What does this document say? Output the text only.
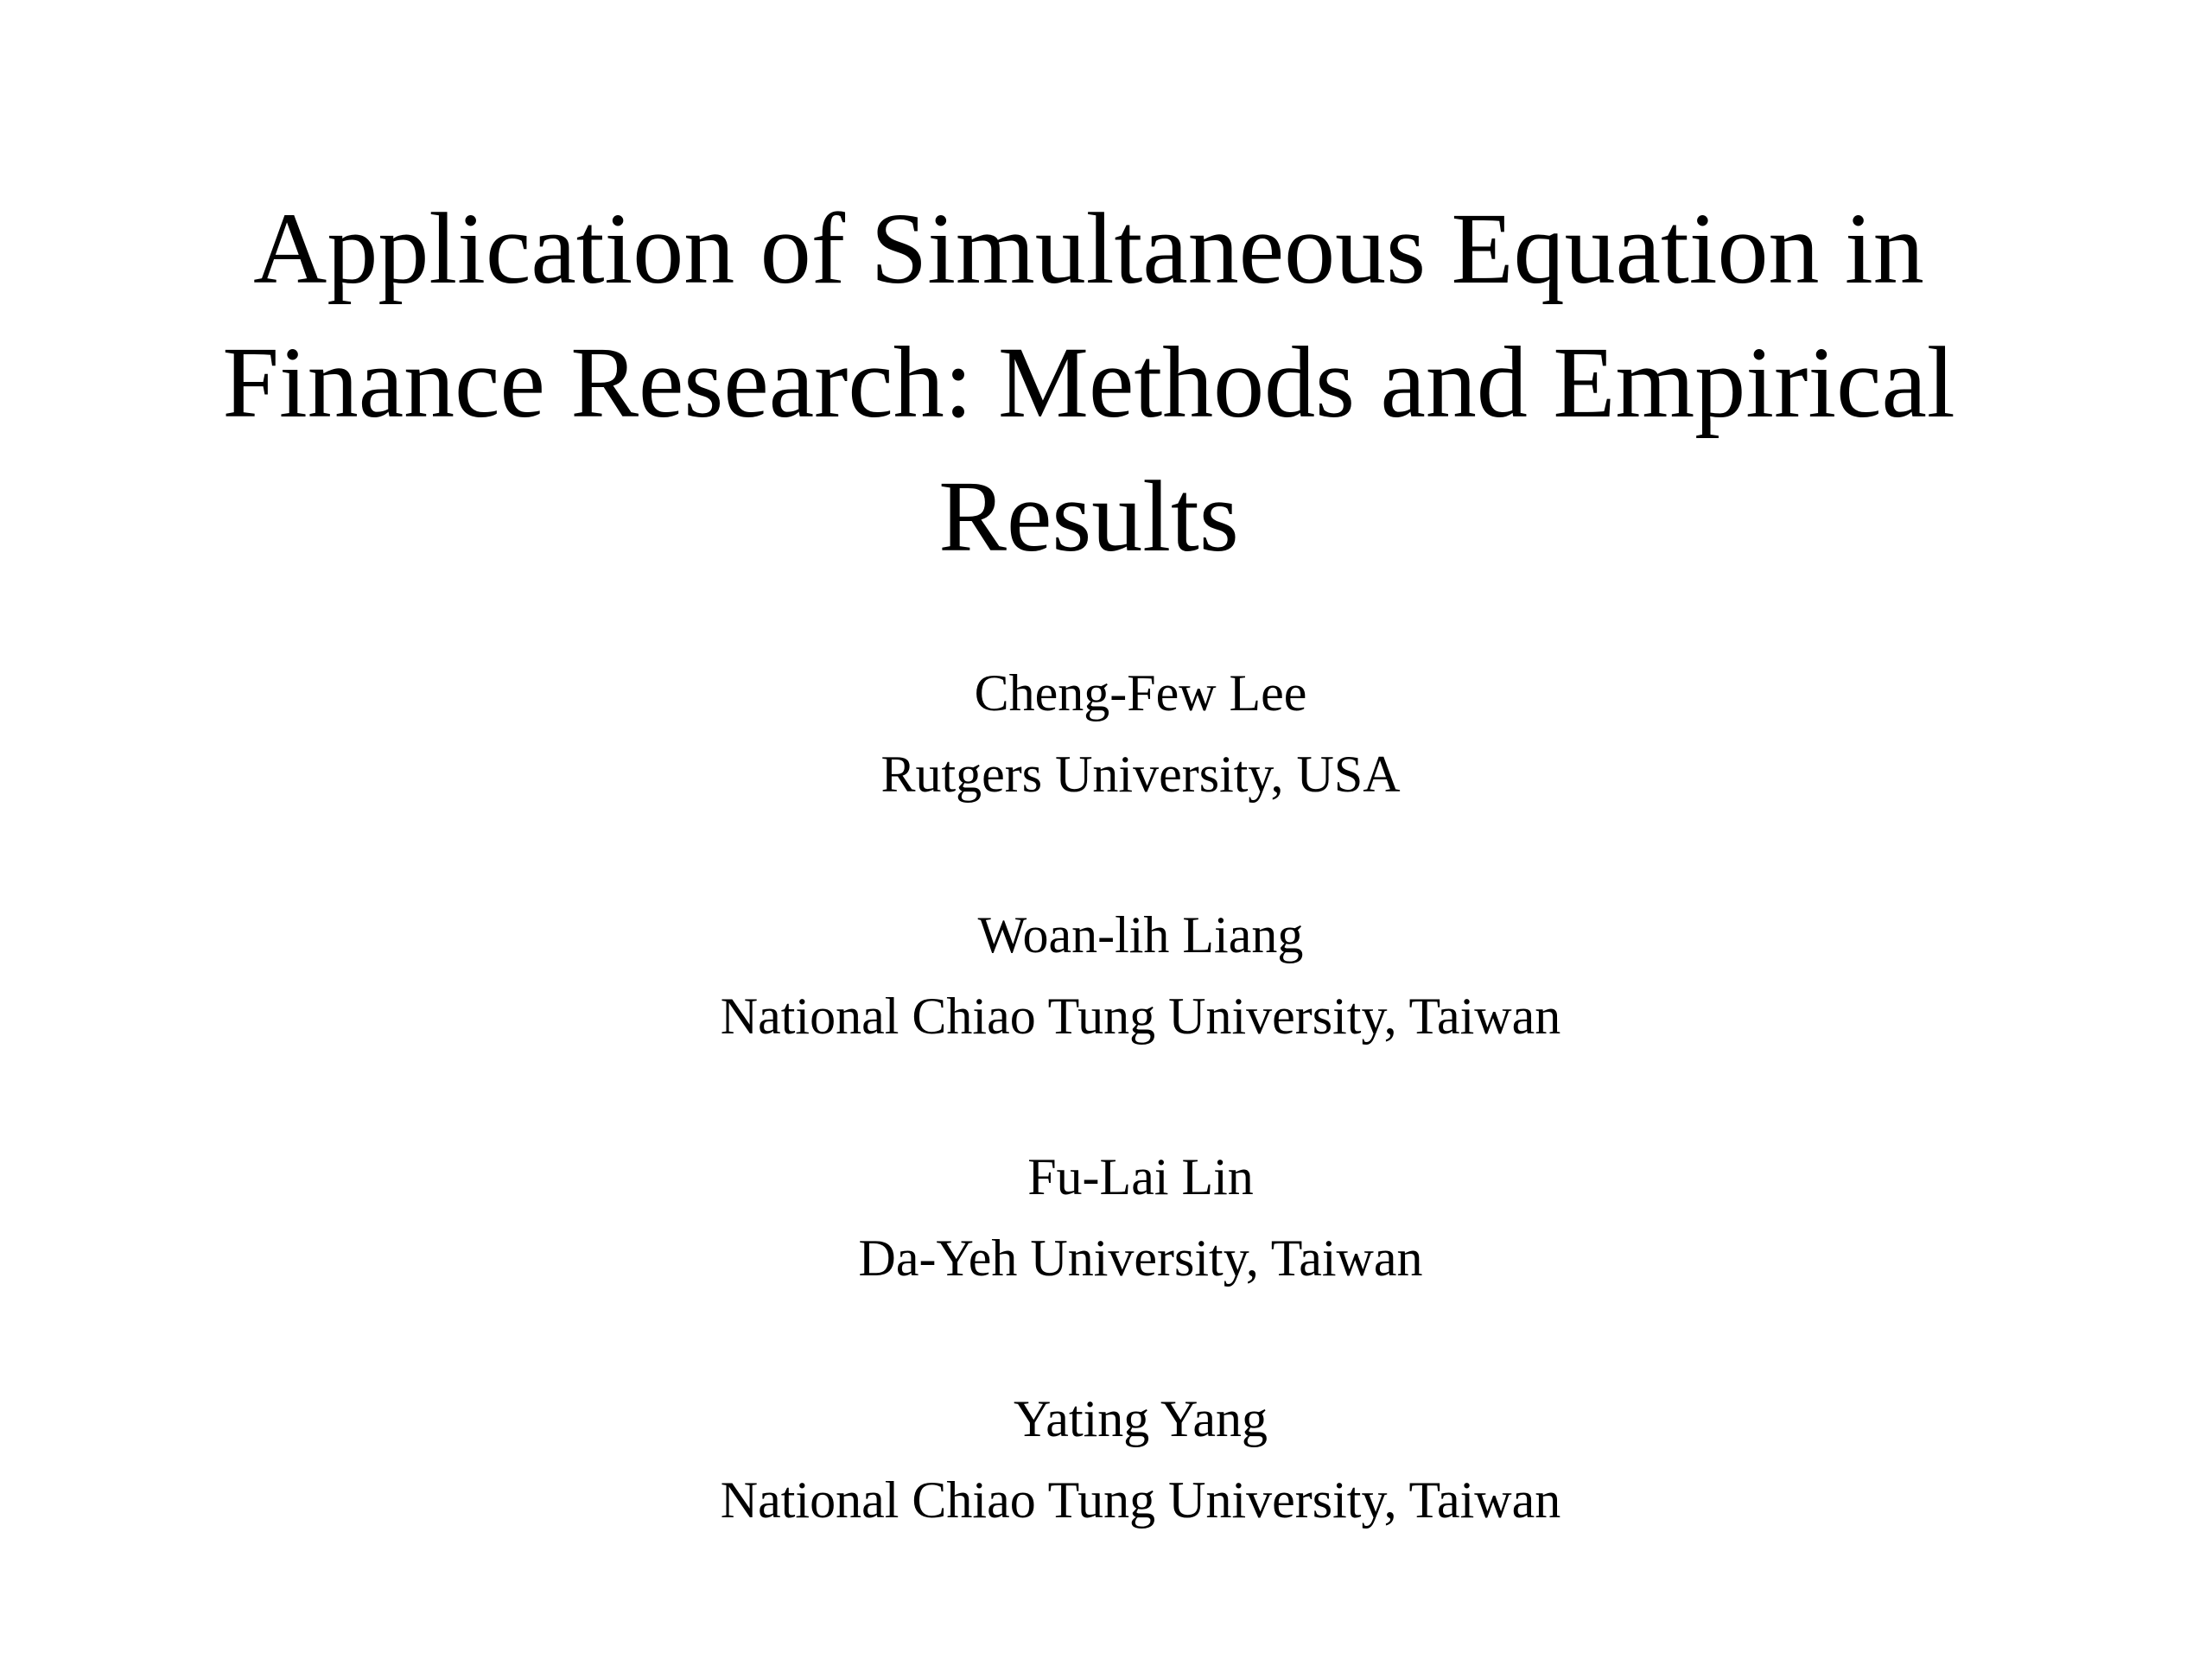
Application of Simultaneous Equation in
Finance Research: Methods and Empirical
Results
Cheng-Few Lee
Rutgers University, USA
Woan-lih Liang
National Chiao Tung University, Taiwan
Fu-Lai Lin
Da-Yeh University, Taiwan
Yating Yang
National Chiao Tung University, Taiwan
